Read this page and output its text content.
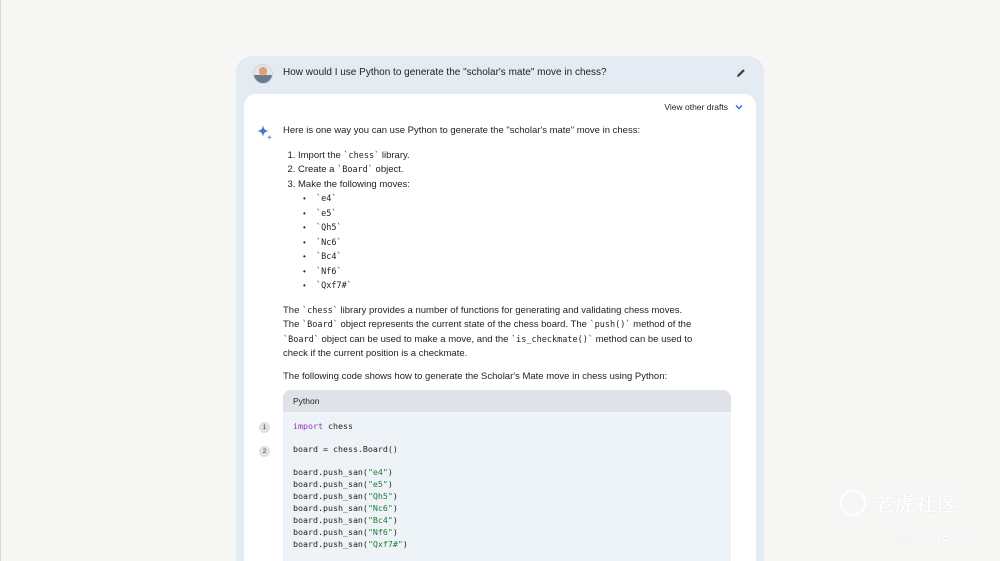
How would I use Python to generate the "scholar's mate" move in chess?
View other drafts

Here is one way you can use Python to generate the "scholar's mate" move in chess:

1. Import the `chess` library.
2. Create a `Board` object.
3. Make the following moves:
• `e4`
• `e5`
• `Qh5`
• `Nc6`
• `Bc4`
• `Nf6`
• `Qxf7#`

The `chess` library provides a number of functions for generating and validating chess moves.
The `Board` object represents the current state of the chess board. The `push()` method of the
`Board` object can be used to make a move, and the `is_checkmate()` method can be used to
check if the current position is a checkmate.

The following code shows how to generate the Scholar's Mate move in chess using Python:

1
2
Python
import chess
board = chess.Board()
board.push_san("e4")
board.push_san("e5")
board.push_san("Qh5")
board.push_san("Nc6")
board.push_san("Bc4")
board.push_san("Nf6")
board.push_san("Qxf7#")
老虎社区
@DoNews
